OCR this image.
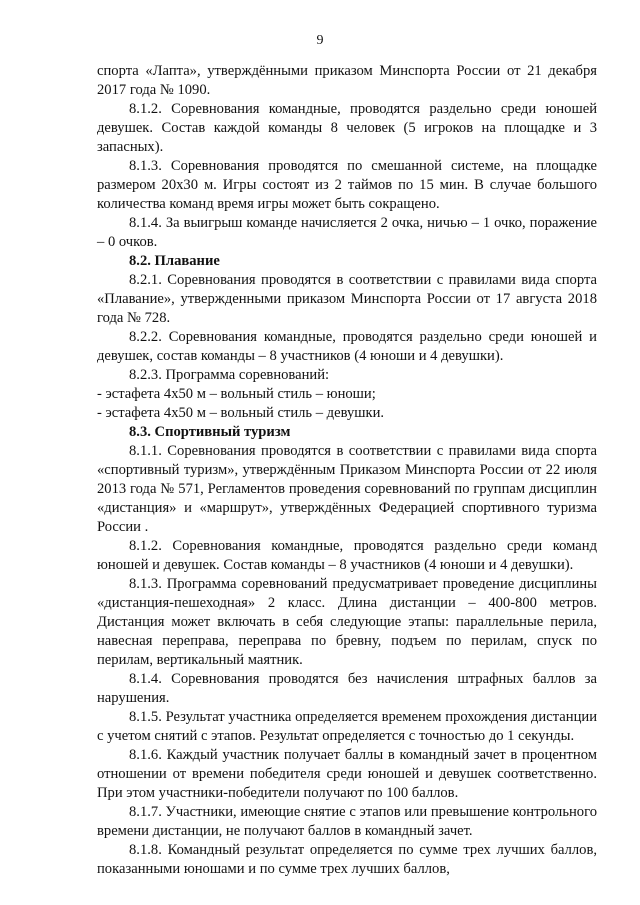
9

спорта «Лапта», утверждёнными приказом Минспорта России от 21 декабря 2017 года № 1090.

8.1.2. Соревнования командные, проводятся раздельно среди юношей девушек. Состав каждой команды 8 человек (5 игроков на площадке и 3 запасных).

8.1.3. Соревнования проводятся по смешанной системе, на площадке размером 20х30 м. Игры состоят из 2 таймов по 15 мин. В случае большого количества команд время игры может быть сокращено.

8.1.4. За выигрыш команде начисляется 2 очка, ничью – 1 очко, поражение – 0 очков.

8.2. Плавание

8.2.1. Соревнования проводятся в соответствии с правилами вида спорта «Плавание», утвержденными приказом Минспорта России от 17 августа 2018 года № 728.

8.2.2. Соревнования командные, проводятся раздельно среди юношей и девушек, состав команды – 8 участников (4 юноши и 4 девушки).

8.2.3. Программа соревнований:

- эстафета 4х50 м – вольный стиль – юноши;

- эстафета 4х50 м – вольный стиль – девушки.

8.3. Спортивный туризм

8.1.1. Соревнования проводятся в соответствии с правилами вида спорта «спортивный туризм», утверждённым Приказом Минспорта России от 22 июля 2013 года № 571, Регламентов проведения соревнований по группам дисциплин «дистанция» и «маршрут», утверждённых Федерацией спортивного туризма России .

8.1.2. Соревнования командные, проводятся раздельно среди команд юношей и девушек. Состав команды – 8 участников (4 юноши и 4 девушки).

8.1.3. Программа соревнований предусматривает проведение дисциплины «дистанция-пешеходная» 2 класс. Длина дистанции – 400-800 метров. Дистанция может включать в себя следующие этапы: параллельные перила, навесная переправа, переправа по бревну, подъем по перилам, спуск по перилам, вертикальный маятник.

8.1.4. Соревнования проводятся без начисления штрафных баллов за нарушения.

8.1.5. Результат участника определяется временем прохождения дистанции с учетом снятий с этапов. Результат определяется с точностью до 1 секунды.

8.1.6. Каждый участник получает баллы в командный зачет в процентном отношении от времени победителя среди юношей и девушек соответственно. При этом участники-победители получают по 100 баллов.

8.1.7. Участники, имеющие снятие с этапов или превышение контрольного времени дистанции, не получают баллов в командный зачет.

8.1.8. Командный результат определяется по сумме трех лучших баллов, показанными юношами и по сумме трех лучших баллов,
